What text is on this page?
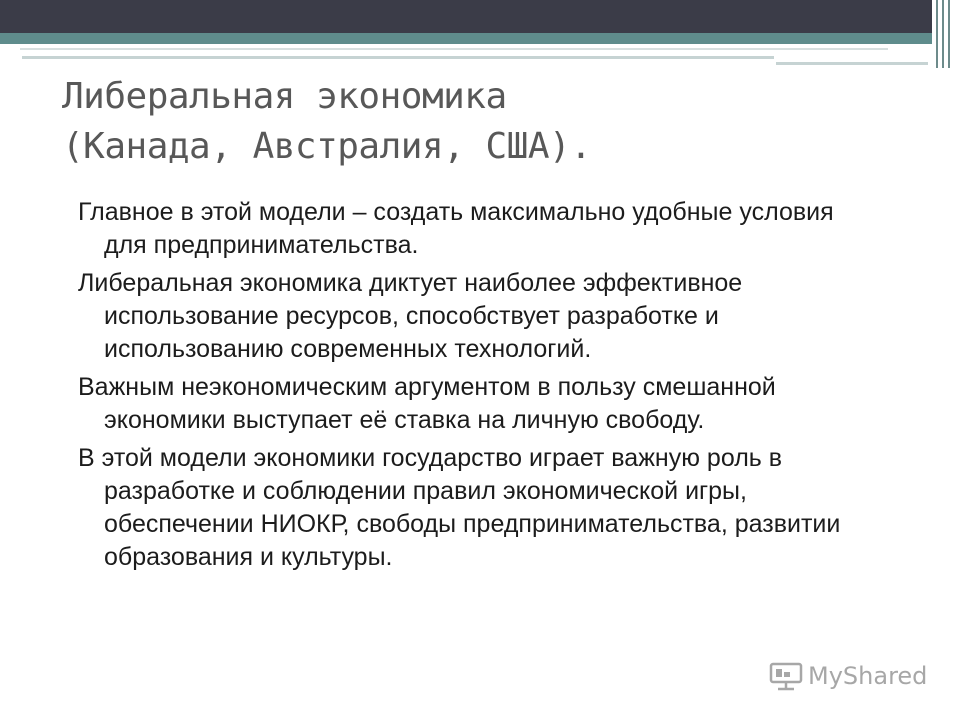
Либеральная экономика
(Канада, Австралия, США).

Главное в этой модели – создать максимально удобные условия для предпринимательства.

Либеральная экономика диктует наиболее эффективное использование ресурсов, способствует разработке и использованию современных технологий.

Важным неэкономическим аргументом в пользу смешанной экономики выступает её ставка на личную свободу.

В этой модели экономики государство играет важную роль в разработке и соблюдении правил экономической игры, обеспечении НИОКР, свободы предпринимательства, развитии образования и культуры.

MyShared
